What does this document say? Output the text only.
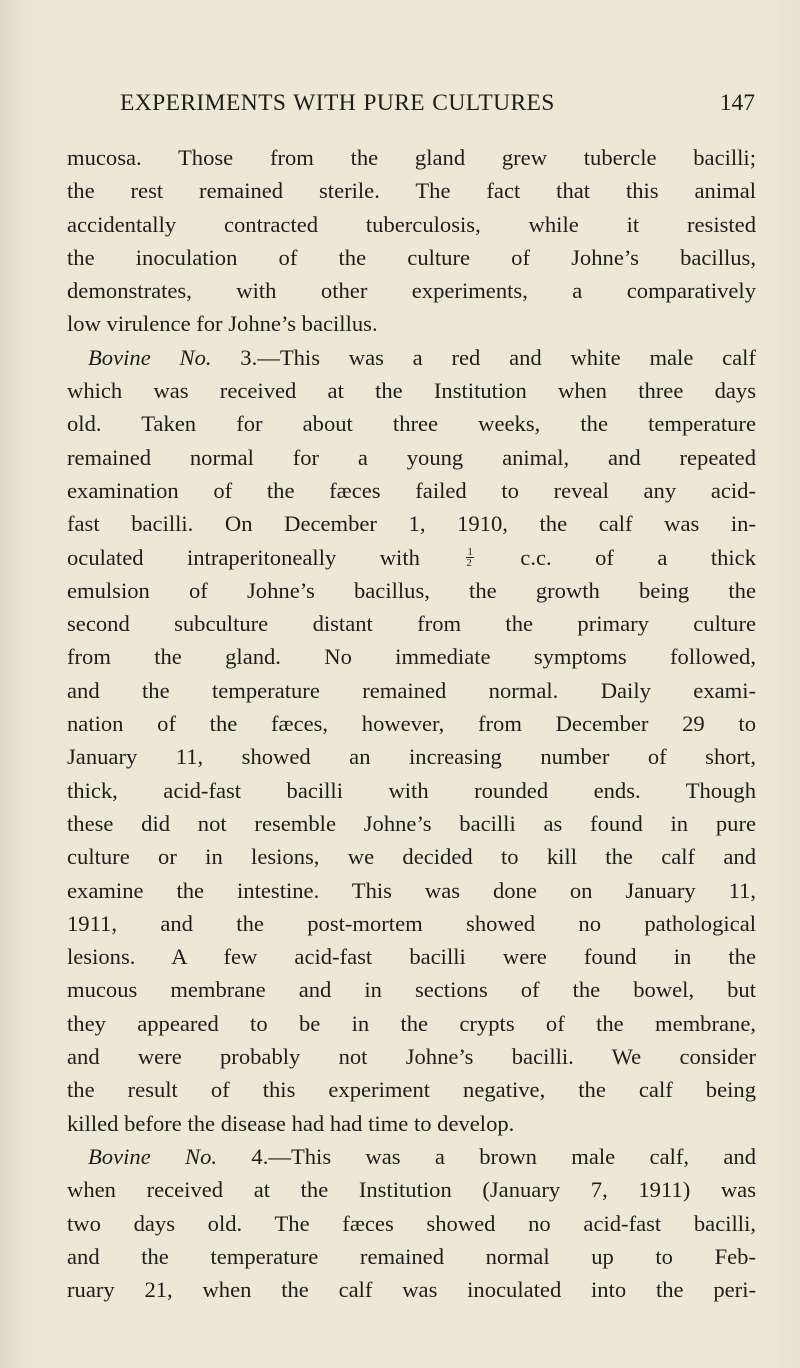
EXPERIMENTS WITH PURE CULTURES	147
mucosa. Those from the gland grew tubercle bacilli;
the rest remained sterile. The fact that this animal
accidentally contracted tuberculosis, while it resisted
the inoculation of the culture of Johne’s bacillus,
demonstrates, with other experiments, a comparatively
low virulence for Johne’s bacillus.
Bovine No. 3.—This was a red and white male calf
which was received at the Institution when three days
old. Taken for about three weeks, the temperature
remained normal for a young animal, and repeated
examination of the fæces failed to reveal any acid-
fast bacilli. On December 1, 1910, the calf was in-
oculated intraperitoneally with $\frac{1}{2} c.c$. of a thick
emulsion of Johne’s bacillus, the growth being the
second subculture distant from the primary culture
from the gland. No immediate symptoms followed,
and the temperature remained normal. Daily exami-
nation of the fæces, however, from December 29 to
January 11, showed an increasing number of short,
thick, acid-fast bacilli with rounded ends. Though
these did not resemble Johne’s bacilli as found in pure
culture or in lesions, we decided to kill the calf and
examine the intestine. This was done on January 11,
1911, and the post-mortem showed no pathological
lesions. A few acid-fast bacilli were found in the
mucous membrane and in sections of the bowel, but
they appeared to be in the crypts of the membrane,
and were probably not Johne’s bacilli. We consider
the result of this experiment negative, the calf being
killed before the disease had had time to develop.
Bovine No. 4.—This was a brown male calf, and
when received at the Institution (January 7, 1911) was
two days old. The fæces showed no acid-fast bacilli,
and the temperature remained normal up to Feb-
ruary 21, when the calf was inoculated into the peri-
